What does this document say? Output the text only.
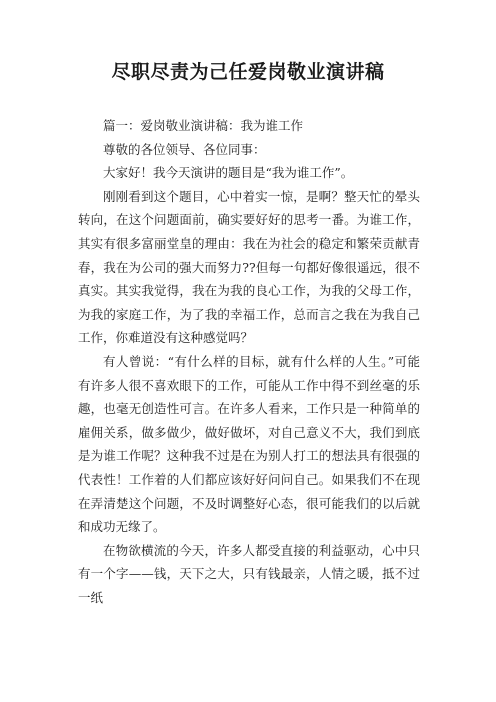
尽职尽责为己任爱岗敬业演讲稿

篇一：爱岗敬业演讲稿：我为谁工作

尊敬的各位领导、各位同事：

大家好！我今天演讲的题目是“我为谁工作”。

刚刚看到这个题目，心中着实一惊，是啊？整天忙的晕头转向，在这个问题面前，确实要好好的思考一番。为谁工作，其实有很多富丽堂皇的理由：我在为社会的稳定和繁荣贡献青春，我在为公司的强大而努力??但每一句都好像很遥远，很不真实。其实我觉得，我在为我的良心工作，为我的父母工作，为我的家庭工作，为了我的幸福工作，总而言之我在为我自己工作，你难道没有这种感觉吗？

有人曾说：“有什么样的目标，就有什么样的人生。”可能有许多人很不喜欢眼下的工作，可能从工作中得不到丝毫的乐趣，也毫无创造性可言。在许多人看来，工作只是一种简单的雇佣关系，做多做少，做好做坏，对自己意义不大，我们到底是为谁工作呢？这种我不过是在为别人打工的想法具有很强的代表性！工作着的人们都应该好好问问自己。如果我们不在现在弄清楚这个问题，不及时调整好心态，很可能我们的以后就和成功无缘了。

在物欲横流的今天，许多人都受直接的利益驱动，心中只有一个字——钱，天下之大，只有钱最亲，人情之暖，抵不过一纸
